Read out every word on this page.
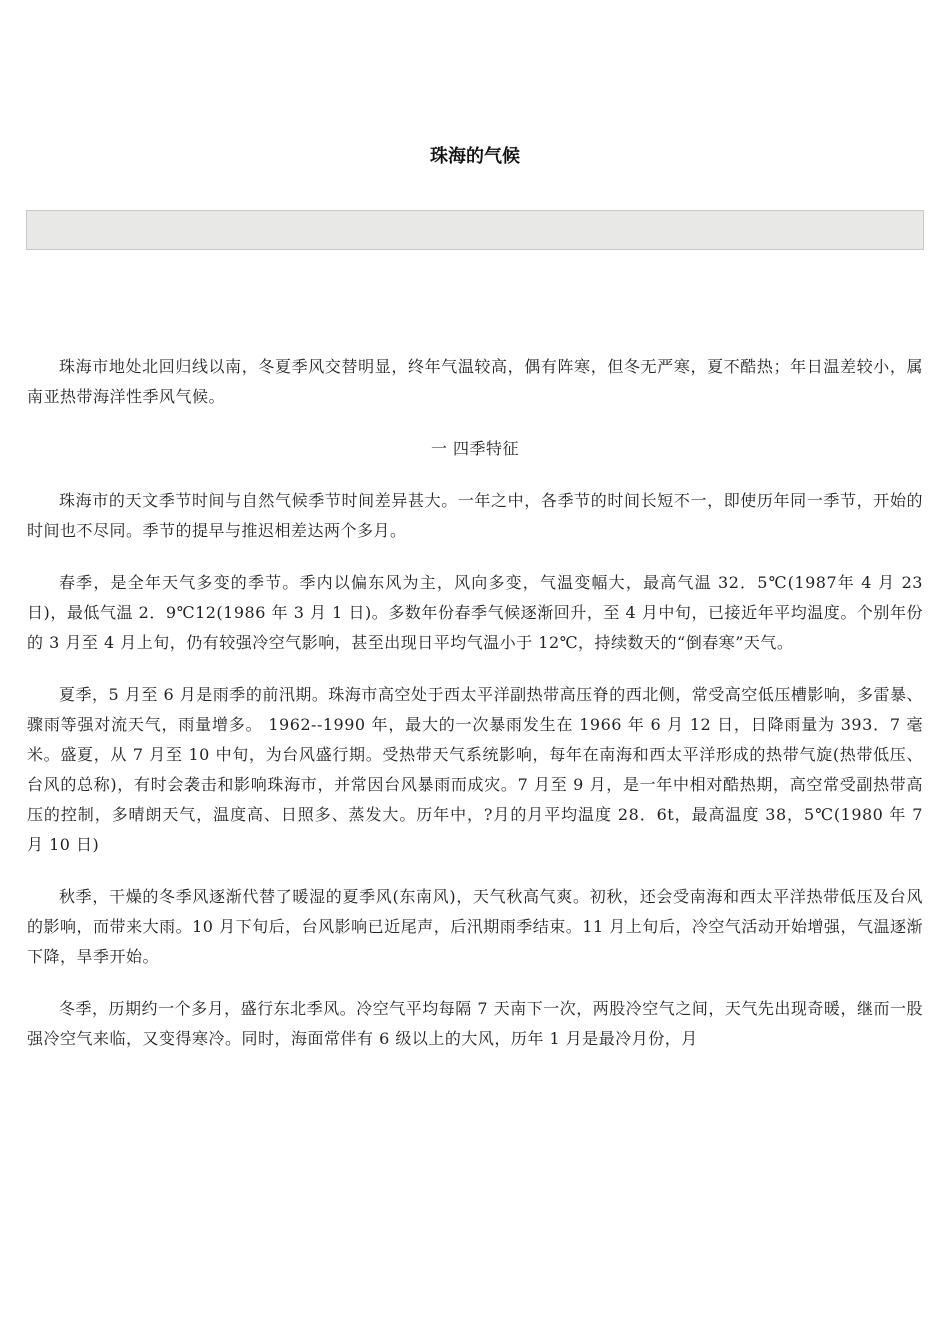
珠海的气候

珠海市地处北回归线以南，冬夏季风交替明显，终年气温较高，偶有阵寒，但冬无严寒，夏不酷热；年日温差较小，属南亚热带海洋性季风气候。

一 四季特征

珠海市的天文季节时间与自然气候季节时间差异甚大。一年之中，各季节的时间长短不一，即使历年同一季节，开始的时间也不尽同。季节的提早与推迟相差达两个多月。

春季，是全年天气多变的季节。季内以偏东风为主，风向多变，气温变幅大，最高气温 32．5℃(1987年 4 月 23 日)，最低气温 2．9℃12(1986 年 3 月 1 日)。多数年份春季气候逐渐回升，至 4 月中旬，已接近年平均温度。个别年份的 3 月至 4 月上旬，仍有较强冷空气影响，甚至出现日平均气温小于 12℃，持续数天的“倒春寒”天气。

夏季，5 月至 6 月是雨季的前汛期。珠海市高空处于西太平洋副热带高压脊的西北侧，常受高空低压槽影响，多雷暴、骤雨等强对流天气，雨量增多。 1962--1990 年，最大的一次暴雨发生在 1966 年 6 月 12 日，日降雨量为 393．7 毫米。盛夏，从 7 月至 10 中旬，为台风盛行期。受热带天气系统影响，每年在南海和西太平洋形成的热带气旋(热带低压、台风的总称)，有时会袭击和影响珠海市，并常因台风暴雨而成灾。7 月至 9 月，是一年中相对酷热期，高空常受副热带高压的控制，多晴朗天气，温度高、日照多、蒸发大。历年中，?月的月平均温度 28．6t，最高温度 38，5℃(1980 年 7 月 10 日)

秋季，干燥的冬季风逐渐代替了暖湿的夏季风(东南风)，天气秋高气爽。初秋，还会受南海和西太平洋热带低压及台风的影响，而带来大雨。10 月下旬后，台风影响已近尾声，后汛期雨季结束。11 月上旬后，冷空气活动开始增强，气温逐渐下降，旱季开始。

冬季，历期约一个多月，盛行东北季风。冷空气平均每隔 7 天南下一次，两股冷空气之间，天气先出现奇暖，继而一股强冷空气来临，又变得寒冷。同时，海面常伴有 6 级以上的大风，历年 1 月是最冷月份，月
